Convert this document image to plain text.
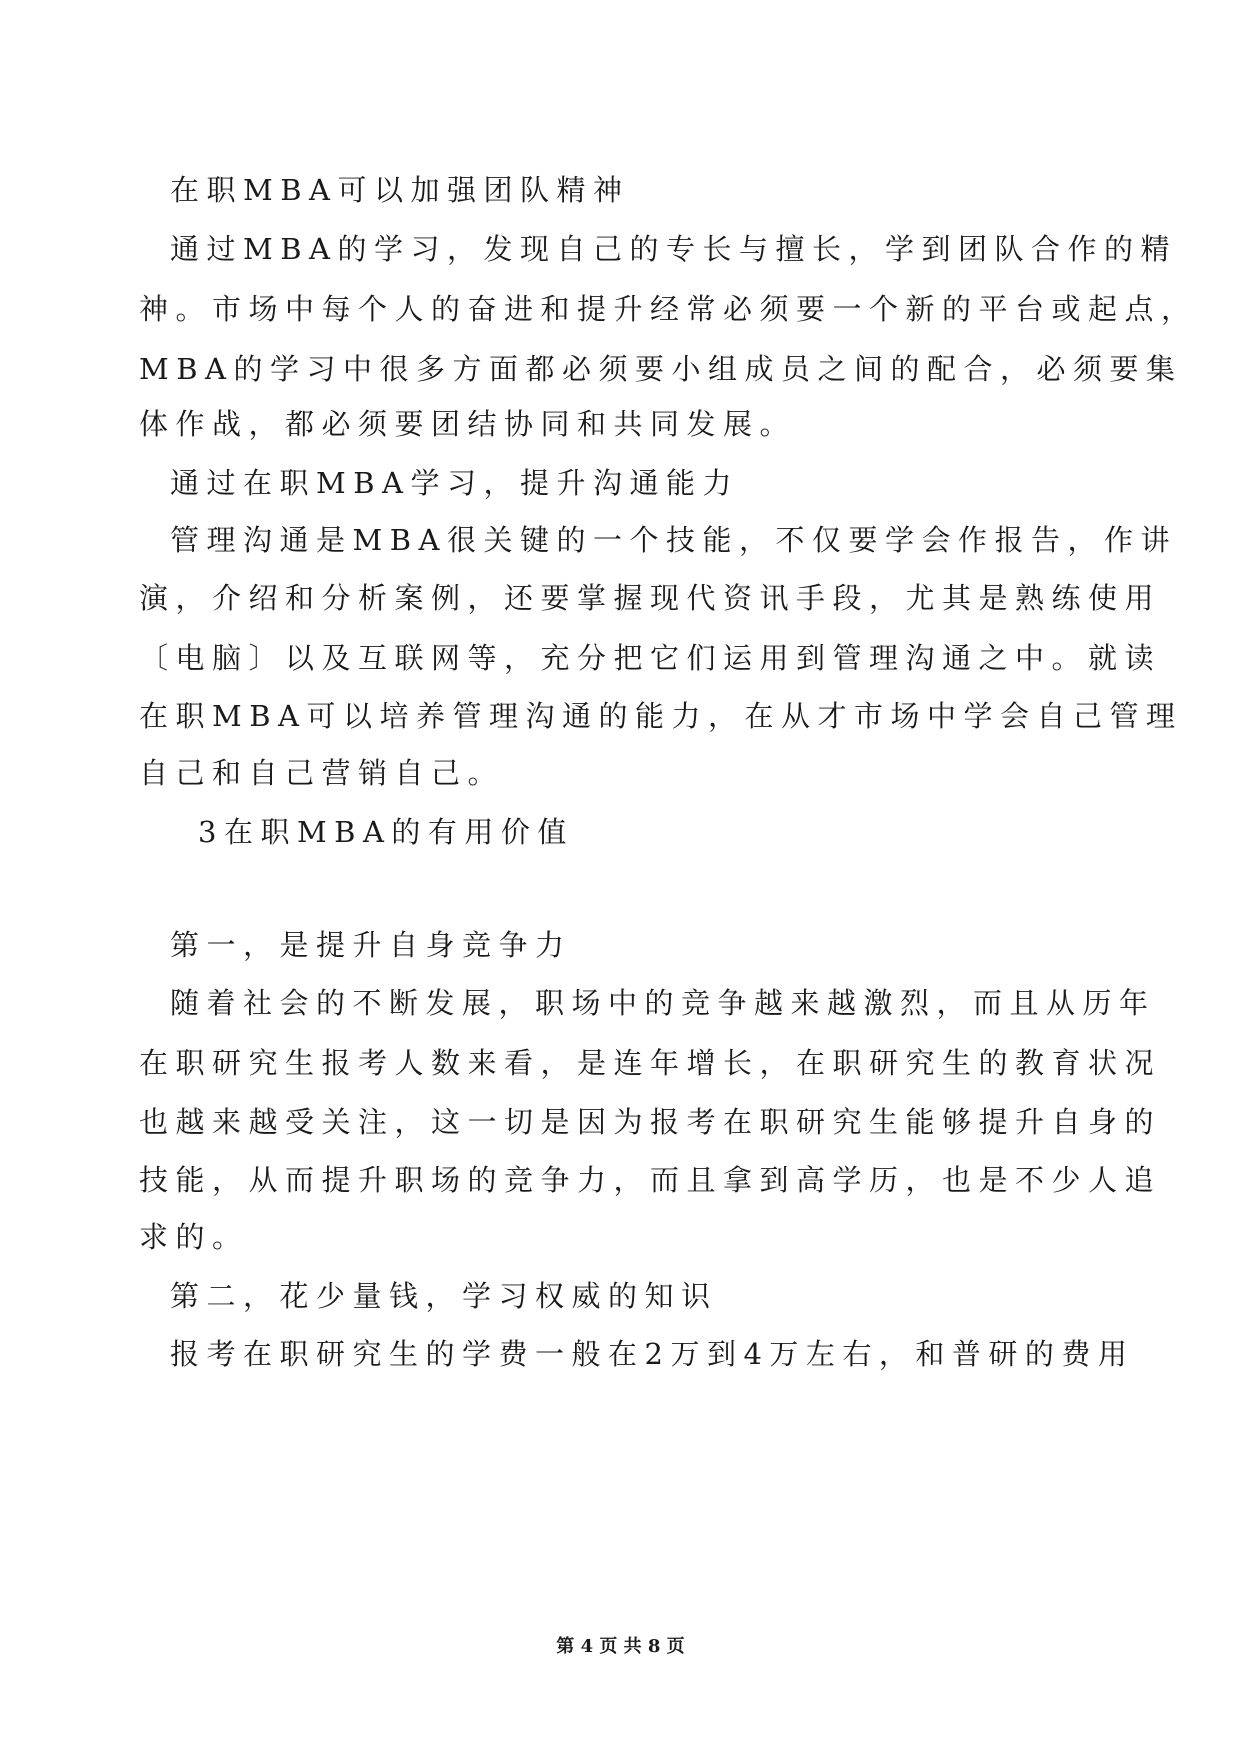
在职MBA可以加强团队精神
通过MBA的学习，发现自己的专长与擅长，学到团队合作的精
神。市场中每个人的奋进和提升经常必须要一个新的平台或起点，
MBA的学习中很多方面都必须要小组成员之间的配合，必须要集
体作战，都必须要团结协同和共同发展。
通过在职MBA学习，提升沟通能力
管理沟通是MBA很关键的一个技能，不仅要学会作报告，作讲
演，介绍和分析案例，还要掌握现代资讯手段，尤其是熟练使用
〔电脑〕以及互联网等，充分把它们运用到管理沟通之中。就读
在职MBA可以培养管理沟通的能力，在从才市场中学会自己管理
自己和自己营销自己。
3在职MBA的有用价值
第一，是提升自身竞争力
随着社会的不断发展，职场中的竞争越来越激烈，而且从历年
在职研究生报考人数来看，是连年增长，在职研究生的教育状况
也越来越受关注，这一切是因为报考在职研究生能够提升自身的
技能，从而提升职场的竞争力，而且拿到高学历，也是不少人追
求的。
第二，花少量钱，学习权威的知识
报考在职研究生的学费一般在2万到4万左右，和普研的费用
第 4 页 共 8 页
